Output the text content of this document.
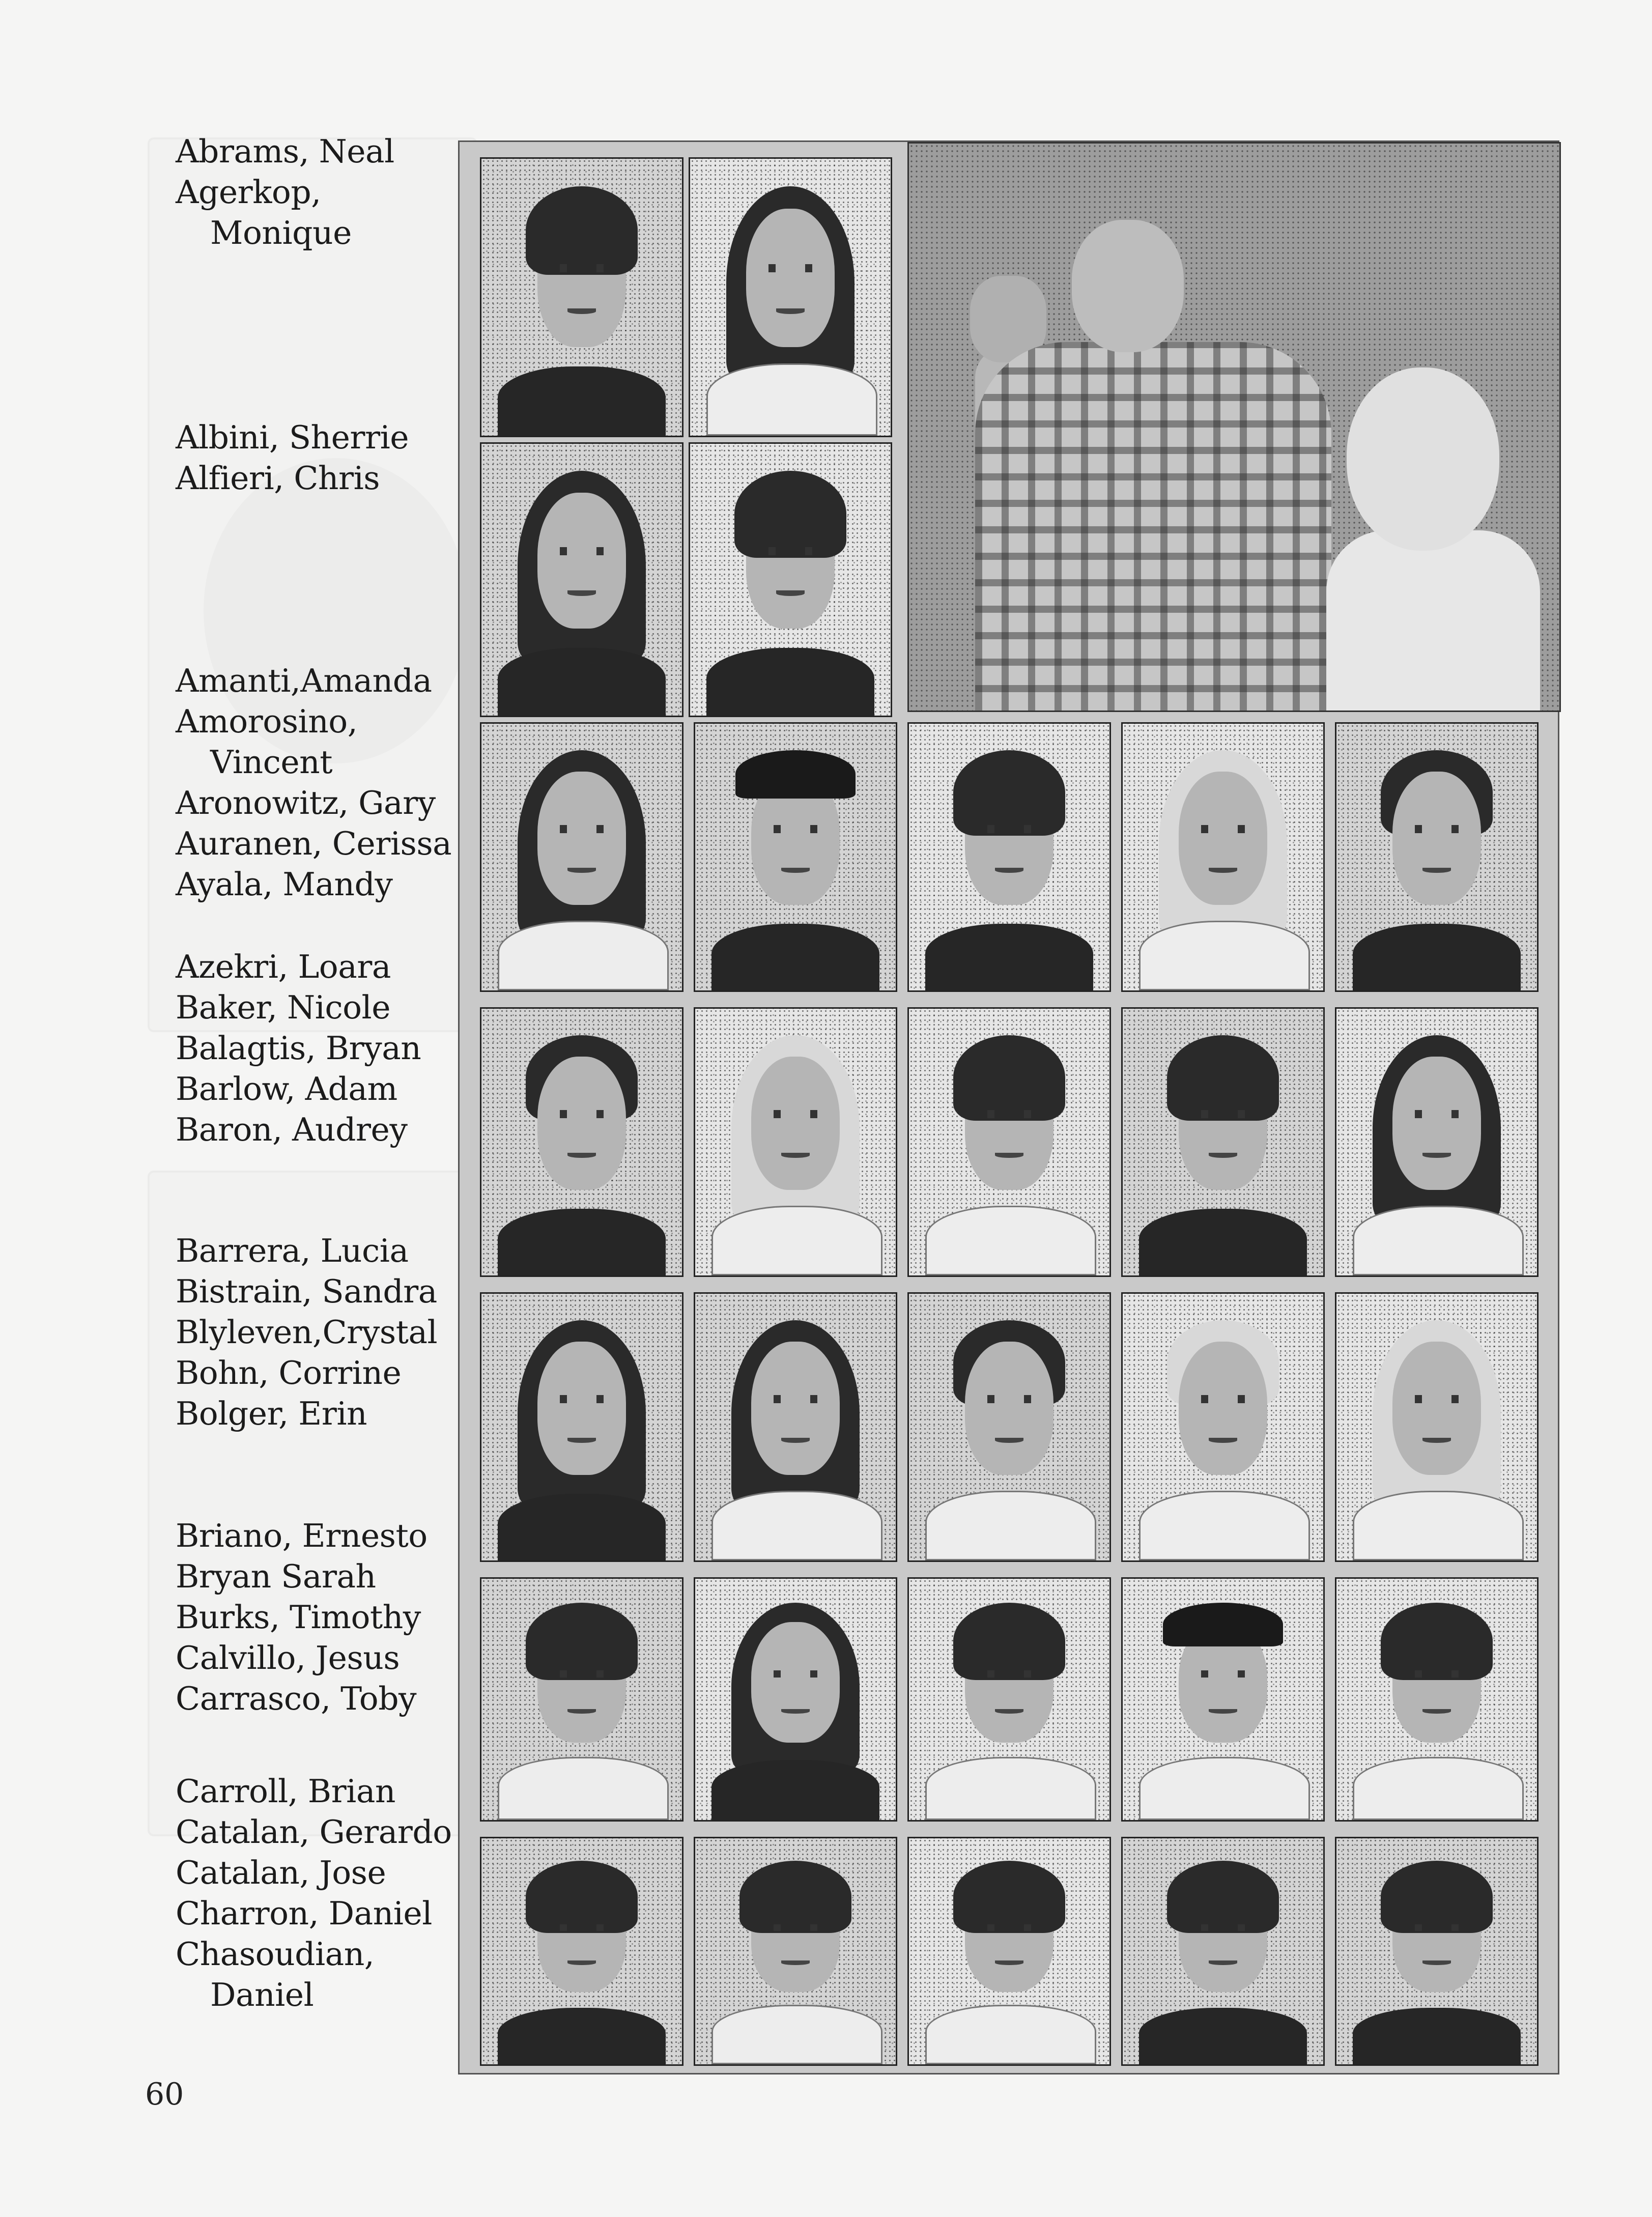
Abrams, Neal
Agerkop,
Monique
Albini, Sherrie
Alfieri, Chris
Amanti,Amanda
Amorosino,
Vincent
Aronowitz, Gary
Auranen, Cerissa
Ayala, Mandy
Azekri, Loara
Baker, Nicole
Balagtis, Bryan
Barlow, Adam
Baron, Audrey
Barrera, Lucia
Bistrain, Sandra
Blyleven,Crystal
Bohn, Corrine
Bolger, Erin
Briano, Ernesto
Bryan Sarah
Burks, Timothy
Calvillo, Jesus
Carrasco, Toby
Carroll, Brian
Catalan, Gerardo
Catalan, Jose
Charron, Daniel
Chasoudian,
Daniel
60
